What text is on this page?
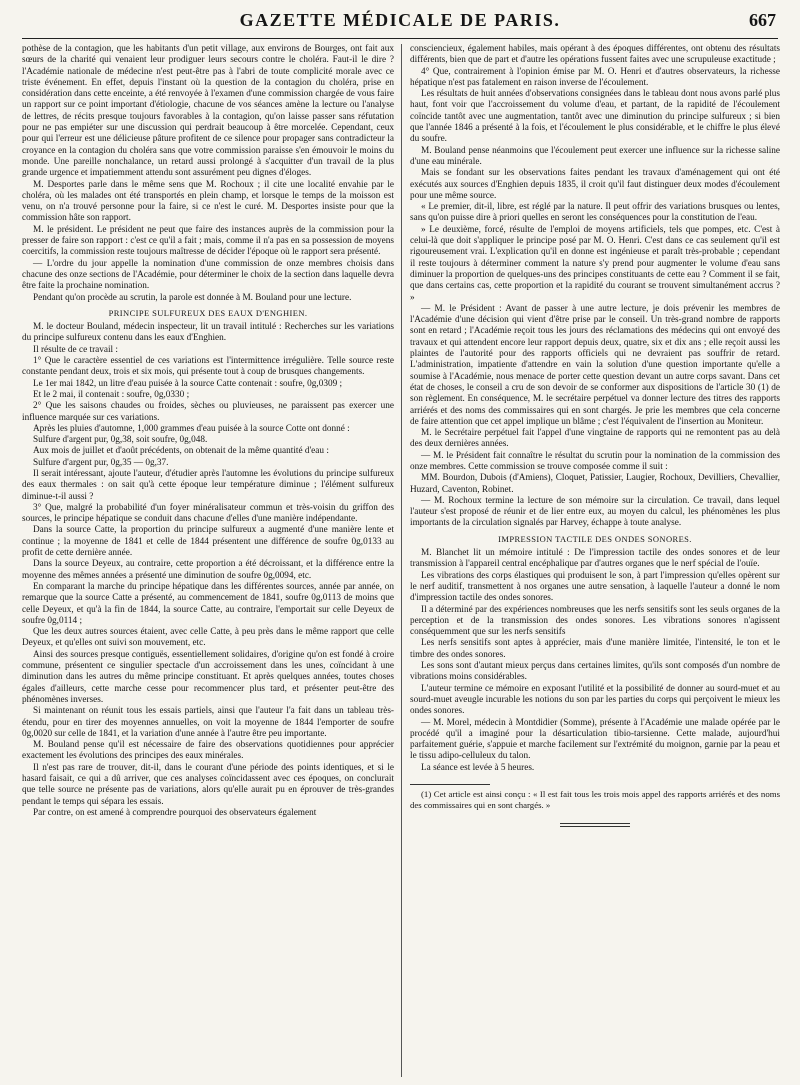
GAZETTE MÉDICALE DE PARIS.	667

pothèse de la contagion, que les habitants d'un petit village, aux environs de Bourges, ont fait aux sœurs de la charité qui venaient leur prodiguer leurs secours contre le choléra. Faut-il le dire ? l'Académie nationale de médecine n'est peut-être pas à l'abri de toute complicité morale avec ce triste événement. En effet, depuis l'instant où la question de la contagion du choléra, prise en considération dans cette enceinte, a été renvoyée à l'examen d'une commission chargée de vous faire un rapport sur ce point important d'étiologie, chacune de vos séances amène la lecture ou l'analyse de lettres, de récits presque toujours favorables à la contagion, qu'on laisse passer sans réfutation pour ne pas empiéter sur une discussion qui perdrait beaucoup à être morcelée. Cependant, ceux pour qui l'erreur est une délicieuse pâture profitent de ce silence pour propager sans contradicteur la croyance en la contagion du choléra sans que votre commission paraisse s'en émouvoir le moins du monde. Une pareille nonchalance, un retard aussi prolongé à s'acquitter d'un travail de la plus grande urgence et impatiemment attendu sont assurément peu dignes d'éloges.

M. Desportes parle dans le même sens que M. Rochoux ; il cite une localité envahie par le choléra, où les malades ont été transportés en plein champ, et lorsque le temps de la moisson est venu, on n'a trouvé personne pour la faire, si ce n'est le curé. M. Desportes insiste pour que la commission hâte son rapport.

M. le président. Le président ne peut que faire des instances auprès de la commission pour la presser de faire son rapport : c'est ce qu'il a fait ; mais, comme il n'a pas en sa possession de moyens coercitifs, la commission reste toujours maîtresse de décider l'époque où le rapport sera présenté.

— L'ordre du jour appelle la nomination d'une commission de onze membres choisis dans chacune des onze sections de l'Académie, pour déterminer le choix de la section dans laquelle devra être faite la prochaine nomination.

Pendant qu'on procède au scrutin, la parole est donnée à M. Bouland pour une lecture.

PRINCIPE SULFUREUX DES EAUX D'ENGHIEN.

M. le docteur Bouland, médecin inspecteur, lit un travail intitulé : Recherches sur les variations du principe sulfureux contenu dans les eaux d'Enghien.

Il résulte de ce travail :

1° Que le caractère essentiel de ces variations est l'intermittence irrégulière. Telle source reste constante pendant deux, trois et six mois, qui présente tout à coup de brusques changements.

Le 1er mai 1842, un litre d'eau puisée à la source Catte contenait : soufre, 0g,0309 ;

Et le 2 mai, il contenait : soufre, 0g,0330 ;

2° Que les saisons chaudes ou froides, sèches ou pluvieuses, ne paraissent pas exercer une influence marquée sur ces variations.

Après les pluies d'automne, 1,000 grammes d'eau puisée à la source Cotte ont donné :

Sulfure d'argent pur, 0g,38, soit soufre, 0g,048.

Aux mois de juillet et d'août précédents, on obtenait de la même quantité d'eau :

Sulfure d'argent pur, 0g,35 — 0g,37.

Il serait intéressant, ajoute l'auteur, d'étudier après l'automne les évolutions du principe sulfureux des eaux thermales : on sait qu'à cette époque leur température diminue ; l'élément sulfureux diminue-t-il aussi ?

3° Que, malgré la probabilité d'un foyer minéralisateur commun et très-voisin du griffon des sources, le principe hépatique se conduit dans chacune d'elles d'une manière indépendante.

Dans la source Catte, la proportion du principe sulfureux a augmenté d'une manière lente et continue ; la moyenne de 1841 et celle de 1844 présentent une différence de soufre 0g,0133 au profit de cette dernière année.

Dans la source Deyeux, au contraire, cette proportion a été décroissant, et la différence entre la moyenne des mêmes années a présenté une diminution de soufre 0g,0094, etc.

En comparant la marche du principe hépatique dans les différentes sources, année par année, on remarque que la source Catte a présenté, au commencement de 1841, soufre 0g,0113 de moins que celle Deyeux, et qu'à la fin de 1844, la source Catte, au contraire, l'emportait sur celle Deyeux de soufre 0g,0114 ;

Que les deux autres sources étaient, avec celle Catte, à peu près dans le même rapport que celle Deyeux, et qu'elles ont suivi son mouvement, etc.

Ainsi des sources presque contiguës, essentiellement solidaires, d'origine qu'on est fondé à croire commune, présentent ce singulier spectacle d'un accroissement dans les unes, coïncidant à une diminution dans les autres du même principe constituant. Et après quelques années, toutes choses égales d'ailleurs, cette marche cesse pour recommencer plus tard, et présenter peut-être des phénomènes inverses.

Si maintenant on réunit tous les essais partiels, ainsi que l'auteur l'a fait dans un tableau très-étendu, pour en tirer des moyennes annuelles, on voit la moyenne de 1844 l'emporter de soufre 0g,0020 sur celle de 1841, et la variation d'une année à l'autre être peu importante.

M. Bouland pense qu'il est nécessaire de faire des observations quotidiennes pour apprécier exactement les évolutions des principes des eaux minérales.

Il n'est pas rare de trouver, dit-il, dans le courant d'une période des points identiques, et si le hasard faisait, ce qui a dû arriver, que ces analyses coïncidassent avec ces époques, on conclurait que telle source ne présente pas de variations, alors qu'elle aurait pu en éprouver de très-grandes pendant le temps qui sépara les essais.

Par contre, on est amené à comprendre pourquoi des observateurs également

consciencieux, également habiles, mais opérant à des époques différentes, ont obtenu des résultats différents, bien que de part et d'autre les opérations fussent faites avec une scrupuleuse exactitude ;

4° Que, contrairement à l'opinion émise par M. O. Henri et d'autres observateurs, la richesse hépatique n'est pas fatalement en raison inverse de l'écoulement.

Les résultats de huit années d'observations consignées dans le tableau dont nous avons parlé plus haut, font voir que l'accroissement du volume d'eau, et partant, de la rapidité de l'écoulement coïncide tantôt avec une augmentation, tantôt avec une diminution du principe sulfureux ; si bien que l'année 1846 a présenté à la fois, et l'écoulement le plus considérable, et le chiffre le plus élevé du soufre.

M. Bouland pense néanmoins que l'écoulement peut exercer une influence sur la richesse saline d'une eau minérale.

Mais se fondant sur les observations faites pendant les travaux d'aménagement qui ont été exécutés aux sources d'Enghien depuis 1835, il croit qu'il faut distinguer deux modes d'écoulement pour une même source.

« Le premier, dit-il, libre, est réglé par la nature. Il peut offrir des variations brusques ou lentes, sans qu'on puisse dire à priori quelles en seront les conséquences pour la constitution de l'eau.

» Le deuxième, forcé, résulte de l'emploi de moyens artificiels, tels que pompes, etc. C'est à celui-là que doit s'appliquer le principe posé par M. O. Henri. C'est dans ce cas seulement qu'il est rigoureusement vrai. L'explication qu'il en donne est ingénieuse et paraît très-probable ; cependant il reste toujours à déterminer comment la nature s'y prend pour augmenter le volume d'eau sans diminuer la proportion de quelques-uns des principes constituants de cette eau ? Comment il se fait, que dans certains cas, cette proportion et la rapidité du courant se trouvent simultanément accrus ? »

— M. le Président : Avant de passer à une autre lecture, je dois prévenir les membres de l'Académie d'une décision qui vient d'être prise par le conseil. Un très-grand nombre de rapports sont en retard ; l'Académie reçoit tous les jours des réclamations des médecins qui ont envoyé des travaux et qui attendent encore leur rapport depuis deux, quatre, six et dix ans ; elle reçoit aussi les plaintes de l'autorité pour des rapports officiels qui ne devraient pas souffrir de retard. L'administration, impatiente d'attendre en vain la solution d'une question importante qu'elle a soumise à l'Académie, nous menace de porter cette question devant un autre corps savant. Dans cet état de choses, le conseil a cru de son devoir de se conformer aux dispositions de l'article 30 (1) de son règlement. En conséquence, M. le secrétaire perpétuel va donner lecture des titres des rapports arriérés et des noms des commissaires qui en sont chargés. Je prie les membres que cela concerne de faire attention que cet appel implique un blâme ; c'est l'équivalent de l'insertion au Moniteur.

M. le Secrétaire perpétuel fait l'appel d'une vingtaine de rapports qui ne remontent pas au delà des deux dernières années.

— M. le Président fait connaître le résultat du scrutin pour la nomination de la commission des onze membres. Cette commission se trouve composée comme il suit :

MM. Bourdon, Dubois (d'Amiens), Cloquet, Patissier, Laugier, Rochoux, Devilliers, Chevallier, Huzard, Caventon, Robinet.

— M. Rochoux termine la lecture de son mémoire sur la circulation. Ce travail, dans lequel l'auteur s'est proposé de réunir et de lier entre eux, au moyen du calcul, les phénomènes les plus importants de la circulation signalés par Harvey, échappe à toute analyse.

IMPRESSION TACTILE DES ONDES SONORES.

M. Blanchet lit un mémoire intitulé : De l'impression tactile des ondes sonores et de leur transmission à l'appareil central encéphalique par d'autres organes que le nerf spécial de l'ouïe.

Les vibrations des corps élastiques qui produisent le son, à part l'impression qu'elles opèrent sur le nerf auditif, transmettent à nos organes une autre sensation, à laquelle l'auteur a donné le nom d'impression tactile des ondes sonores.

Il a déterminé par des expériences nombreuses que les nerfs sensitifs sont les seuls organes de la perception et de la transmission des ondes sonores. Les vibrations sonores n'agissent conséquemment que sur les nerfs sensitifs

Les nerfs sensitifs sont aptes à apprécier, mais d'une manière limitée, l'intensité, le ton et le timbre des ondes sonores.

Les sons sont d'autant mieux perçus dans certaines limites, qu'ils sont composés d'un nombre de vibrations moins considérables.

L'auteur termine ce mémoire en exposant l'utilité et la possibilité de donner au sourd-muet et au sourd-muet aveugle incurable les notions du son par les parties du corps qui perçoivent le mieux les ondes sonores.

— M. Morel, médecin à Montdidier (Somme), présente à l'Académie une malade opérée par le procédé qu'il a imaginé pour la désarticulation tibio-tarsienne. Cette malade, aujourd'hui parfaitement guérie, s'appuie et marche facilement sur l'extrémité du moignon, garnie par la peau et le tissu adipo-celluleux du talon.

La séance est levée à 5 heures.

(1) Cet article est ainsi conçu : « Il est fait tous les trois mois appel des rapports arriérés et des noms des commissaires qui en sont chargés. »
